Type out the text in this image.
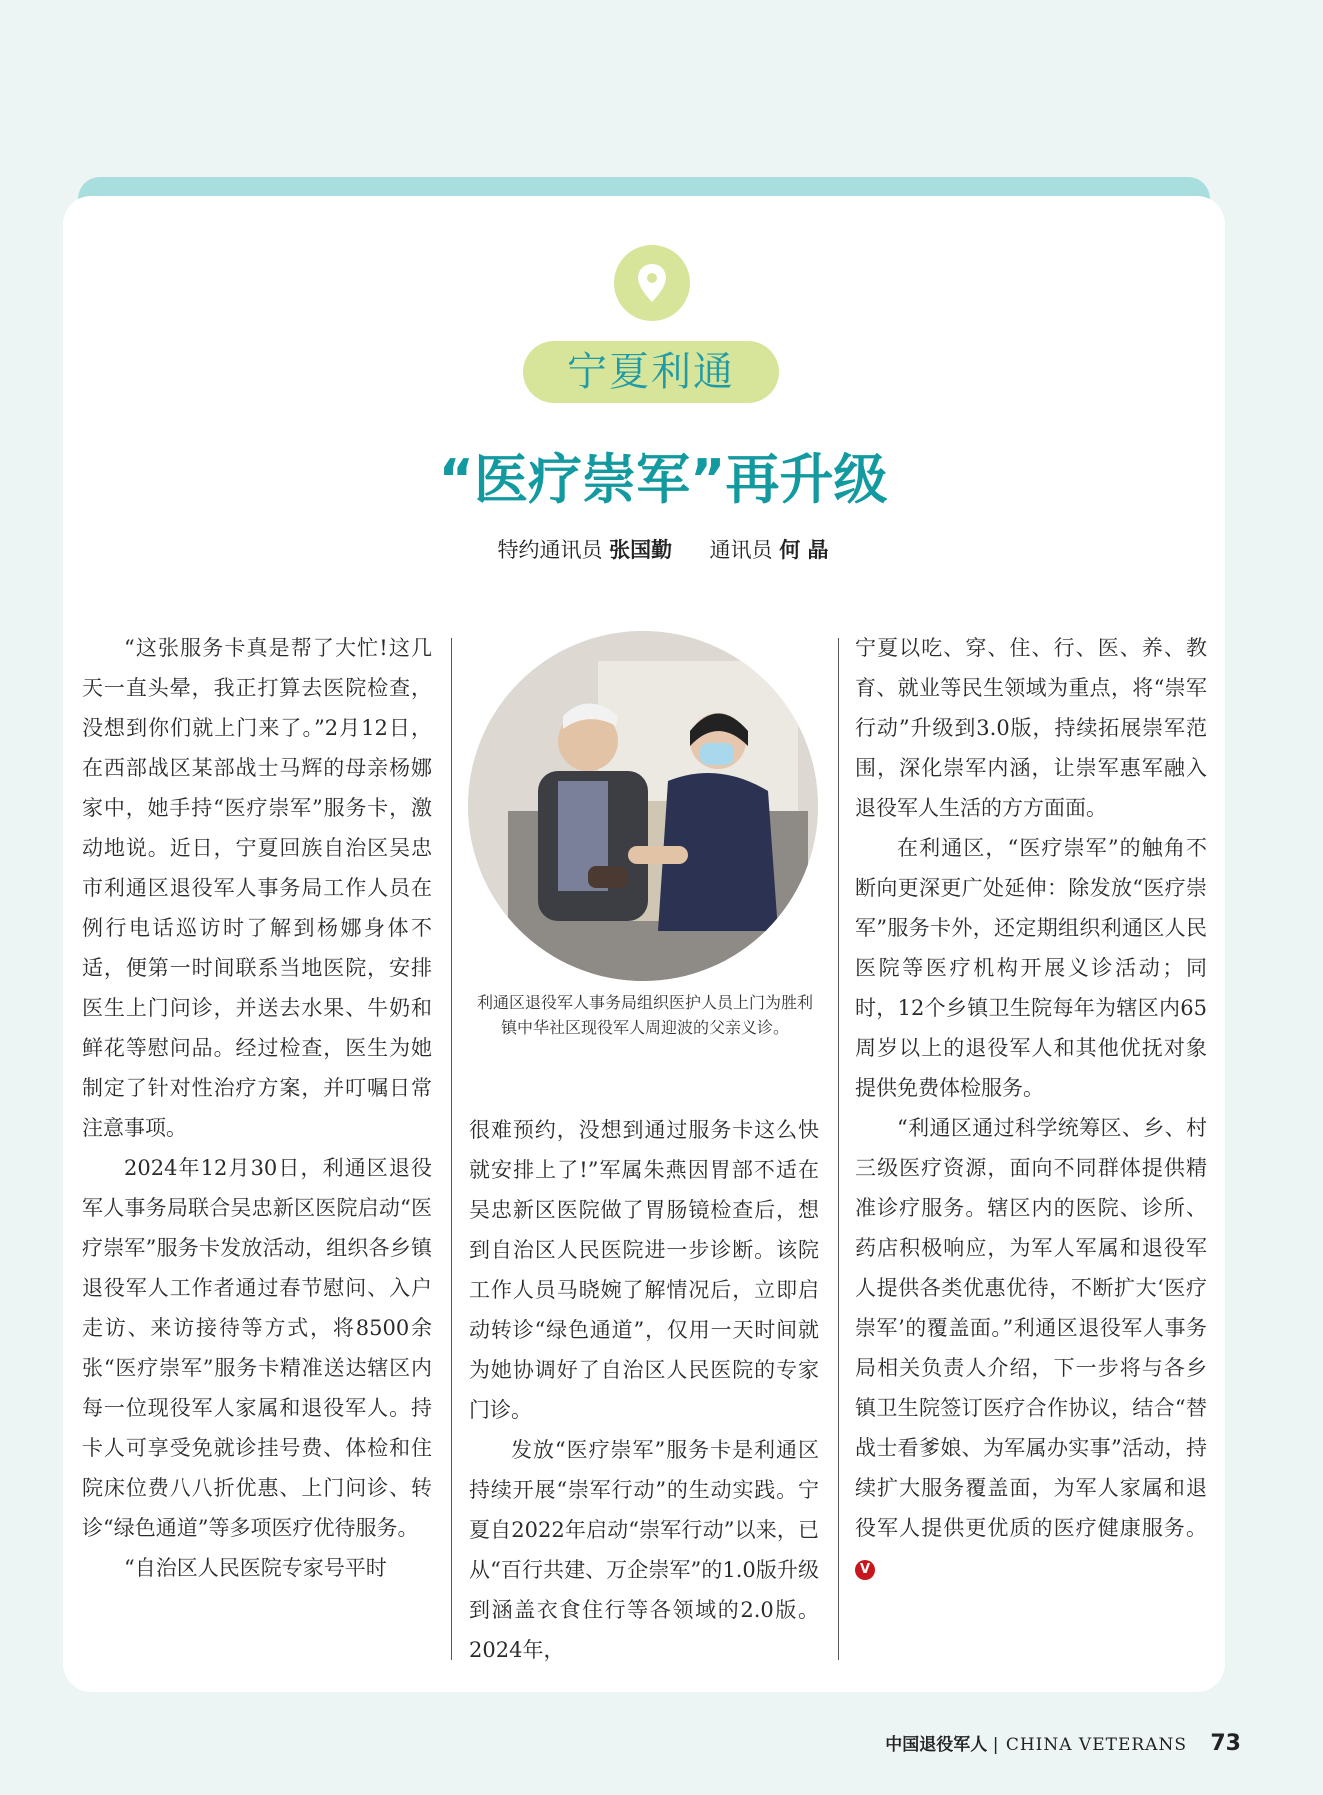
宁夏利通
“医疗崇军”再升级
特约通讯员 张国勤 通讯员 何 晶

“这张服务卡真是帮了大忙!这几天一直头晕，我正打算去医院检查，没想到你们就上门来了。”2月12日，在西部战区某部战士马辉的母亲杨娜家中，她手持“医疗崇军”服务卡，激动地说。近日，宁夏回族自治区吴忠市利通区退役军人事务局工作人员在例行电话巡访时了解到杨娜身体不适，便第一时间联系当地医院，安排医生上门问诊，并送去水果、牛奶和鲜花等慰问品。经过检查，医生为她制定了针对性治疗方案，并叮嘱日常注意事项。

2024年12月30日，利通区退役军人事务局联合吴忠新区医院启动“医疗崇军”服务卡发放活动，组织各乡镇退役军人工作者通过春节慰问、入户走访、来访接待等方式，将8500余张“医疗崇军”服务卡精准送达辖区内每一位现役军人家属和退役军人。持卡人可享受免就诊挂号费、体检和住院床位费八八折优惠、上门问诊、转诊“绿色通道”等多项医疗优待服务。

“自治区人民医院专家号平时

利通区退役军人事务局组织医护人员上门为胜利镇中华社区现役军人周迎波的父亲义诊。

很难预约，没想到通过服务卡这么快就安排上了!”军属朱燕因胃部不适在吴忠新区医院做了胃肠镜检查后，想到自治区人民医院进一步诊断。该院工作人员马晓婉了解情况后，立即启动转诊“绿色通道”，仅用一天时间就为她协调好了自治区人民医院的专家门诊。

发放“医疗崇军”服务卡是利通区持续开展“崇军行动”的生动实践。宁夏自2022年启动“崇军行动”以来，已从“百行共建、万企崇军”的1.0版升级到涵盖衣食住行等各领域的2.0版。2024年，

宁夏以吃、穿、住、行、医、养、教育、就业等民生领域为重点，将“崇军行动”升级到3.0版，持续拓展崇军范围，深化崇军内涵，让崇军惠军融入退役军人生活的方方面面。

在利通区，“医疗崇军”的触角不断向更深更广处延伸：除发放“医疗崇军”服务卡外，还定期组织利通区人民医院等医疗机构开展义诊活动；同时，12个乡镇卫生院每年为辖区内65周岁以上的退役军人和其他优抚对象提供免费体检服务。

“利通区通过科学统筹区、乡、村三级医疗资源，面向不同群体提供精准诊疗服务。辖区内的医院、诊所、药店积极响应，为军人军属和退役军人提供各类优惠优待，不断扩大‘医疗崇军’的覆盖面。”利通区退役军人事务局相关负责人介绍，下一步将与各乡镇卫生院签订医疗合作协议，结合“替战士看爹娘、为军属办实事”活动，持续扩大服务覆盖面，为军人家属和退役军人提供更优质的医疗健康服务。 V

中国退役军人 | CHINA VETERANS 73
